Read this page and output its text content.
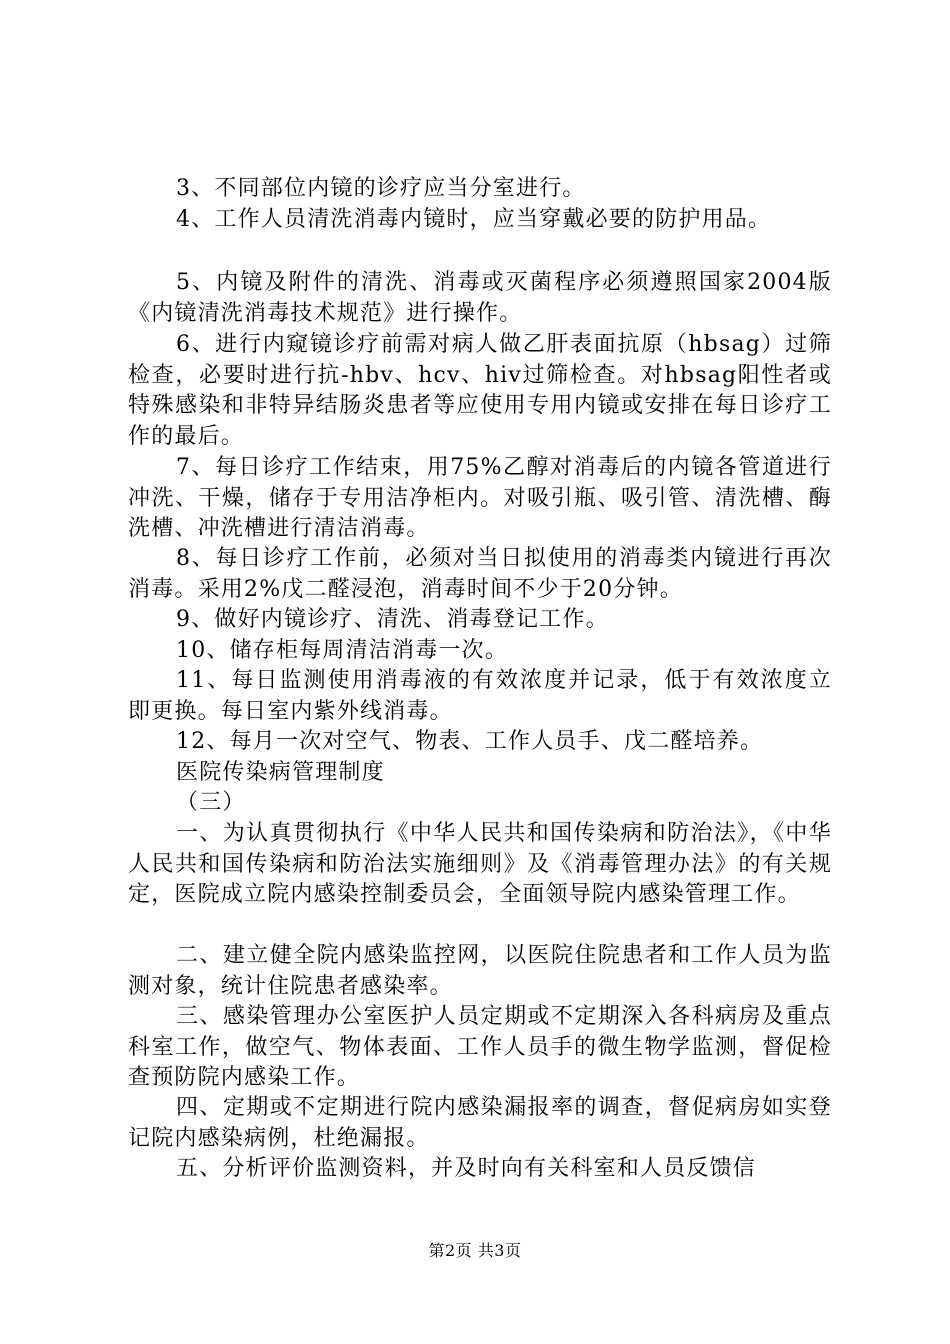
3、不同部位内镜的诊疗应当分室进行。

4、工作人员清洗消毒内镜时，应当穿戴必要的防护用品。

5、内镜及附件的清洗、消毒或灭菌程序必须遵照国家2004版《内镜清洗消毒技术规范》进行操作。

6、进行内窥镜诊疗前需对病人做乙肝表面抗原（hbsag）过筛检查，必要时进行抗-hbv、hcv、hiv过筛检查。对hbsag阳性者或特殊感染和非特异结肠炎患者等应使用专用内镜或安排在每日诊疗工作的最后。

7、每日诊疗工作结束，用75%乙醇对消毒后的内镜各管道进行冲洗、干燥，储存于专用洁净柜内。对吸引瓶、吸引管、清洗槽、酶洗槽、冲洗槽进行清洁消毒。

8、每日诊疗工作前，必须对当日拟使用的消毒类内镜进行再次消毒。采用2%戊二醛浸泡，消毒时间不少于20分钟。

9、做好内镜诊疗、清洗、消毒登记工作。

10、储存柜每周清洁消毒一次。

11、每日监测使用消毒液的有效浓度并记录，低于有效浓度立即更换。每日室内紫外线消毒。

12、每月一次对空气、物表、工作人员手、戊二醛培养。

医院传染病管理制度

（三）

一、为认真贯彻执行《中华人民共和国传染病和防治法》，《中华人民共和国传染病和防治法实施细则》及《消毒管理办法》的有关规定，医院成立院内感染控制委员会，全面领导院内感染管理工作。

二、建立健全院内感染监控网，以医院住院患者和工作人员为监测对象，统计住院患者感染率。

三、感染管理办公室医护人员定期或不定期深入各科病房及重点科室工作，做空气、物体表面、工作人员手的微生物学监测，督促检查预防院内感染工作。

四、定期或不定期进行院内感染漏报率的调查，督促病房如实登记院内感染病例，杜绝漏报。

五、分析评价监测资料，并及时向有关科室和人员反馈信

第2页 共3页
